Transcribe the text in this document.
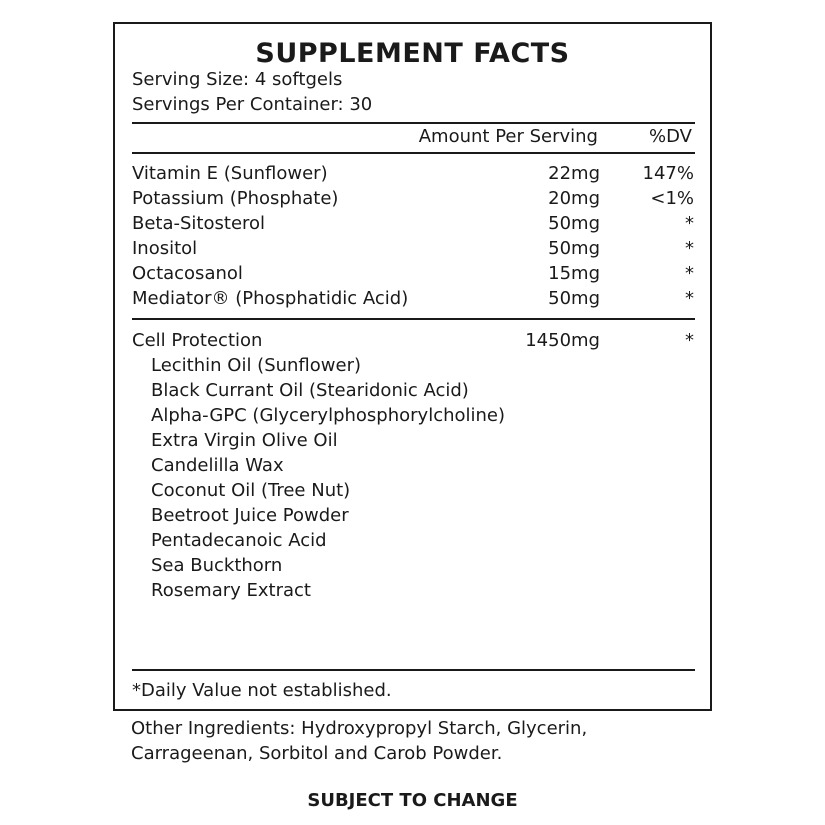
SUPPLEMENT FACTS

Serving Size: 4 softgels

Servings Per Container: 30

Amount Per Serving	%DV
Vitamin E (Sunflower)	22mg 147%
Potassium (Phosphate)	20mg	<1%
Beta-Sitosterol	50mg	*
Inositol	50mg	*
Octacosanol	15mg	*
Mediator® (Phosphatidic Acid)	50mg	*
Cell Protection	1450mg	*
Lecithin Oil (Sunflower)
Black Currant Oil (Stearidonic Acid)
Alpha-GPC (Glycerylphosphorylcholine)
Extra Virgin Olive Oil
Candelilla Wax
Coconut Oil (Tree Nut)
Beetroot Juice Powder
Pentadecanoic Acid
Sea Buckthorn
Rosemary Extract

*Daily Value not established.

Other Ingredients: Hydroxypropyl Starch, Glycerin, Carrageenan, Sorbitol and Carob Powder.

SUBJECT TO CHANGE
